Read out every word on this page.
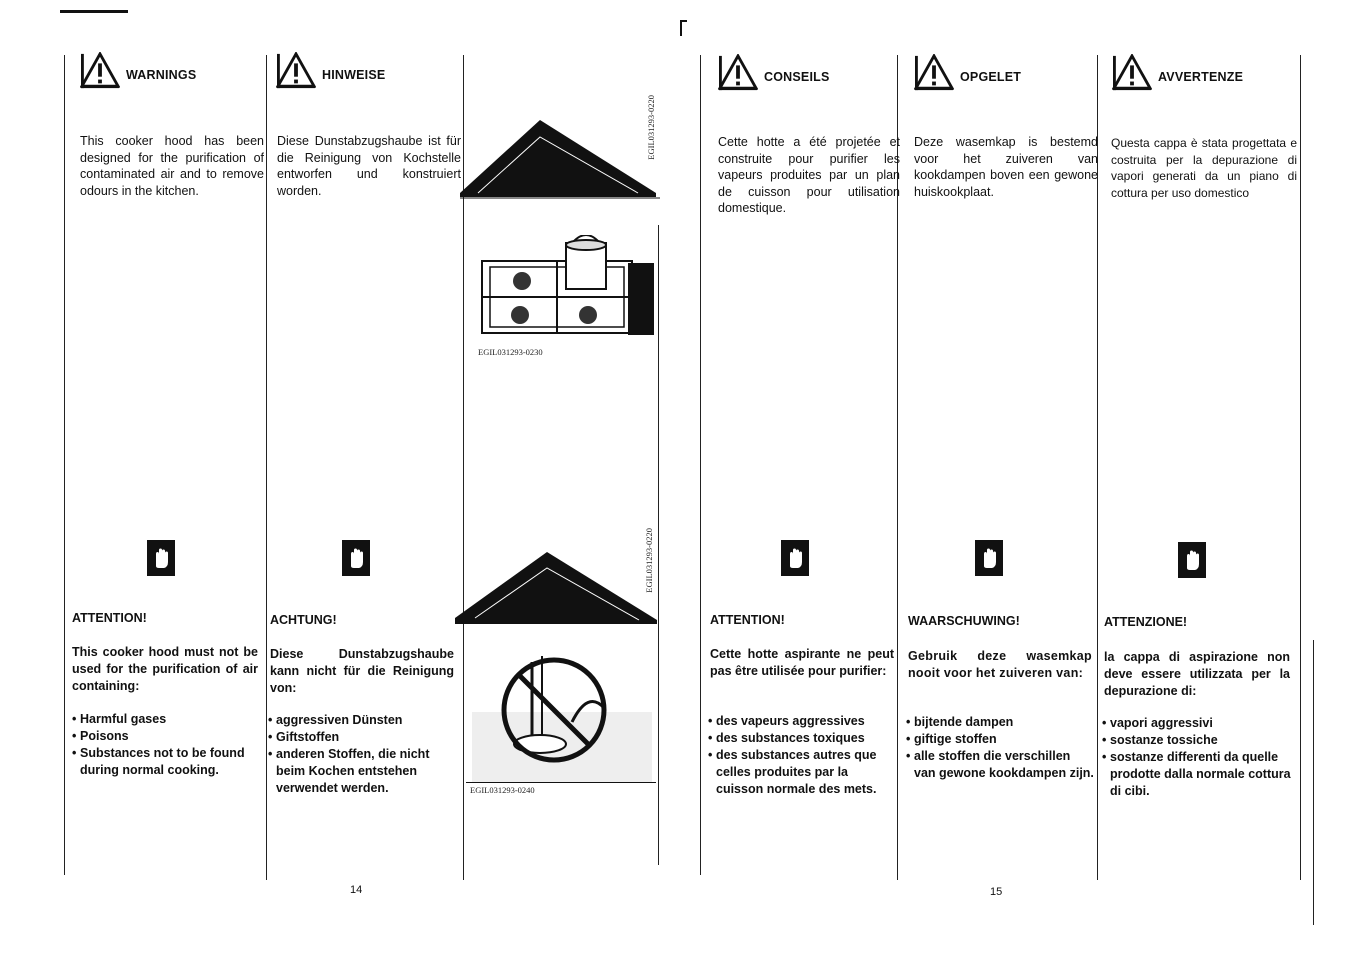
WARNINGS
This cooker hood has been designed for the purification of contaminated air and to remove odours in the kitchen.
ATTENTION!
This cooker hood must not be used for the purification of air containing:
• Harmful gases
• Poisons
• Substances not to be found during normal cooking.
HINWEISE
Diese Dunstabzugshaube ist für die Reinigung von Kochstelle entworfen und konstruiert worden.
ACHTUNG!
Diese Dunstabzugshaube kann nicht für die Reinigung von:
• aggressiven Dünsten
• Giftstoffen
• anderen Stoffen, die nicht beim Kochen entstehen verwendet werden.
EGIL031293-0220
EGIL031293-0230
EGIL031293-0220
EGIL031293-0240
14
CONSEILS
Cette hotte a été projetée et construite pour purifier les vapeurs produites par un plan de cuisson pour utilisation domestique.
ATTENTION!
Cette hotte aspirante ne peut pas être utilisée pour purifier:
• des vapeurs aggressives
• des substances toxiques
• des substances autres que celles produites par la cuisson normale des mets.
OPGELET
Deze wasemkap is bestemd voor het zuiveren van kookdampen boven een gewone huiskookplaat.
WAARSCHUWING!
Gebruik deze wasemkap nooit voor het zuiveren van:
• bijtende dampen
• giftige stoffen
• alle stoffen die verschillen van gewone kookdampen zijn.
AVVERTENZE
Questa cappa è stata progettata e costruita per la depurazione di vapori generati da un piano di cottura per uso domestico
ATTENZIONE!
la cappa di aspirazione non deve essere utilizzata per la depurazione di:
• vapori aggressivi
• sostanze tossiche
• sostanze differenti da quelle prodotte dalla normale cottura di cibi.
15
